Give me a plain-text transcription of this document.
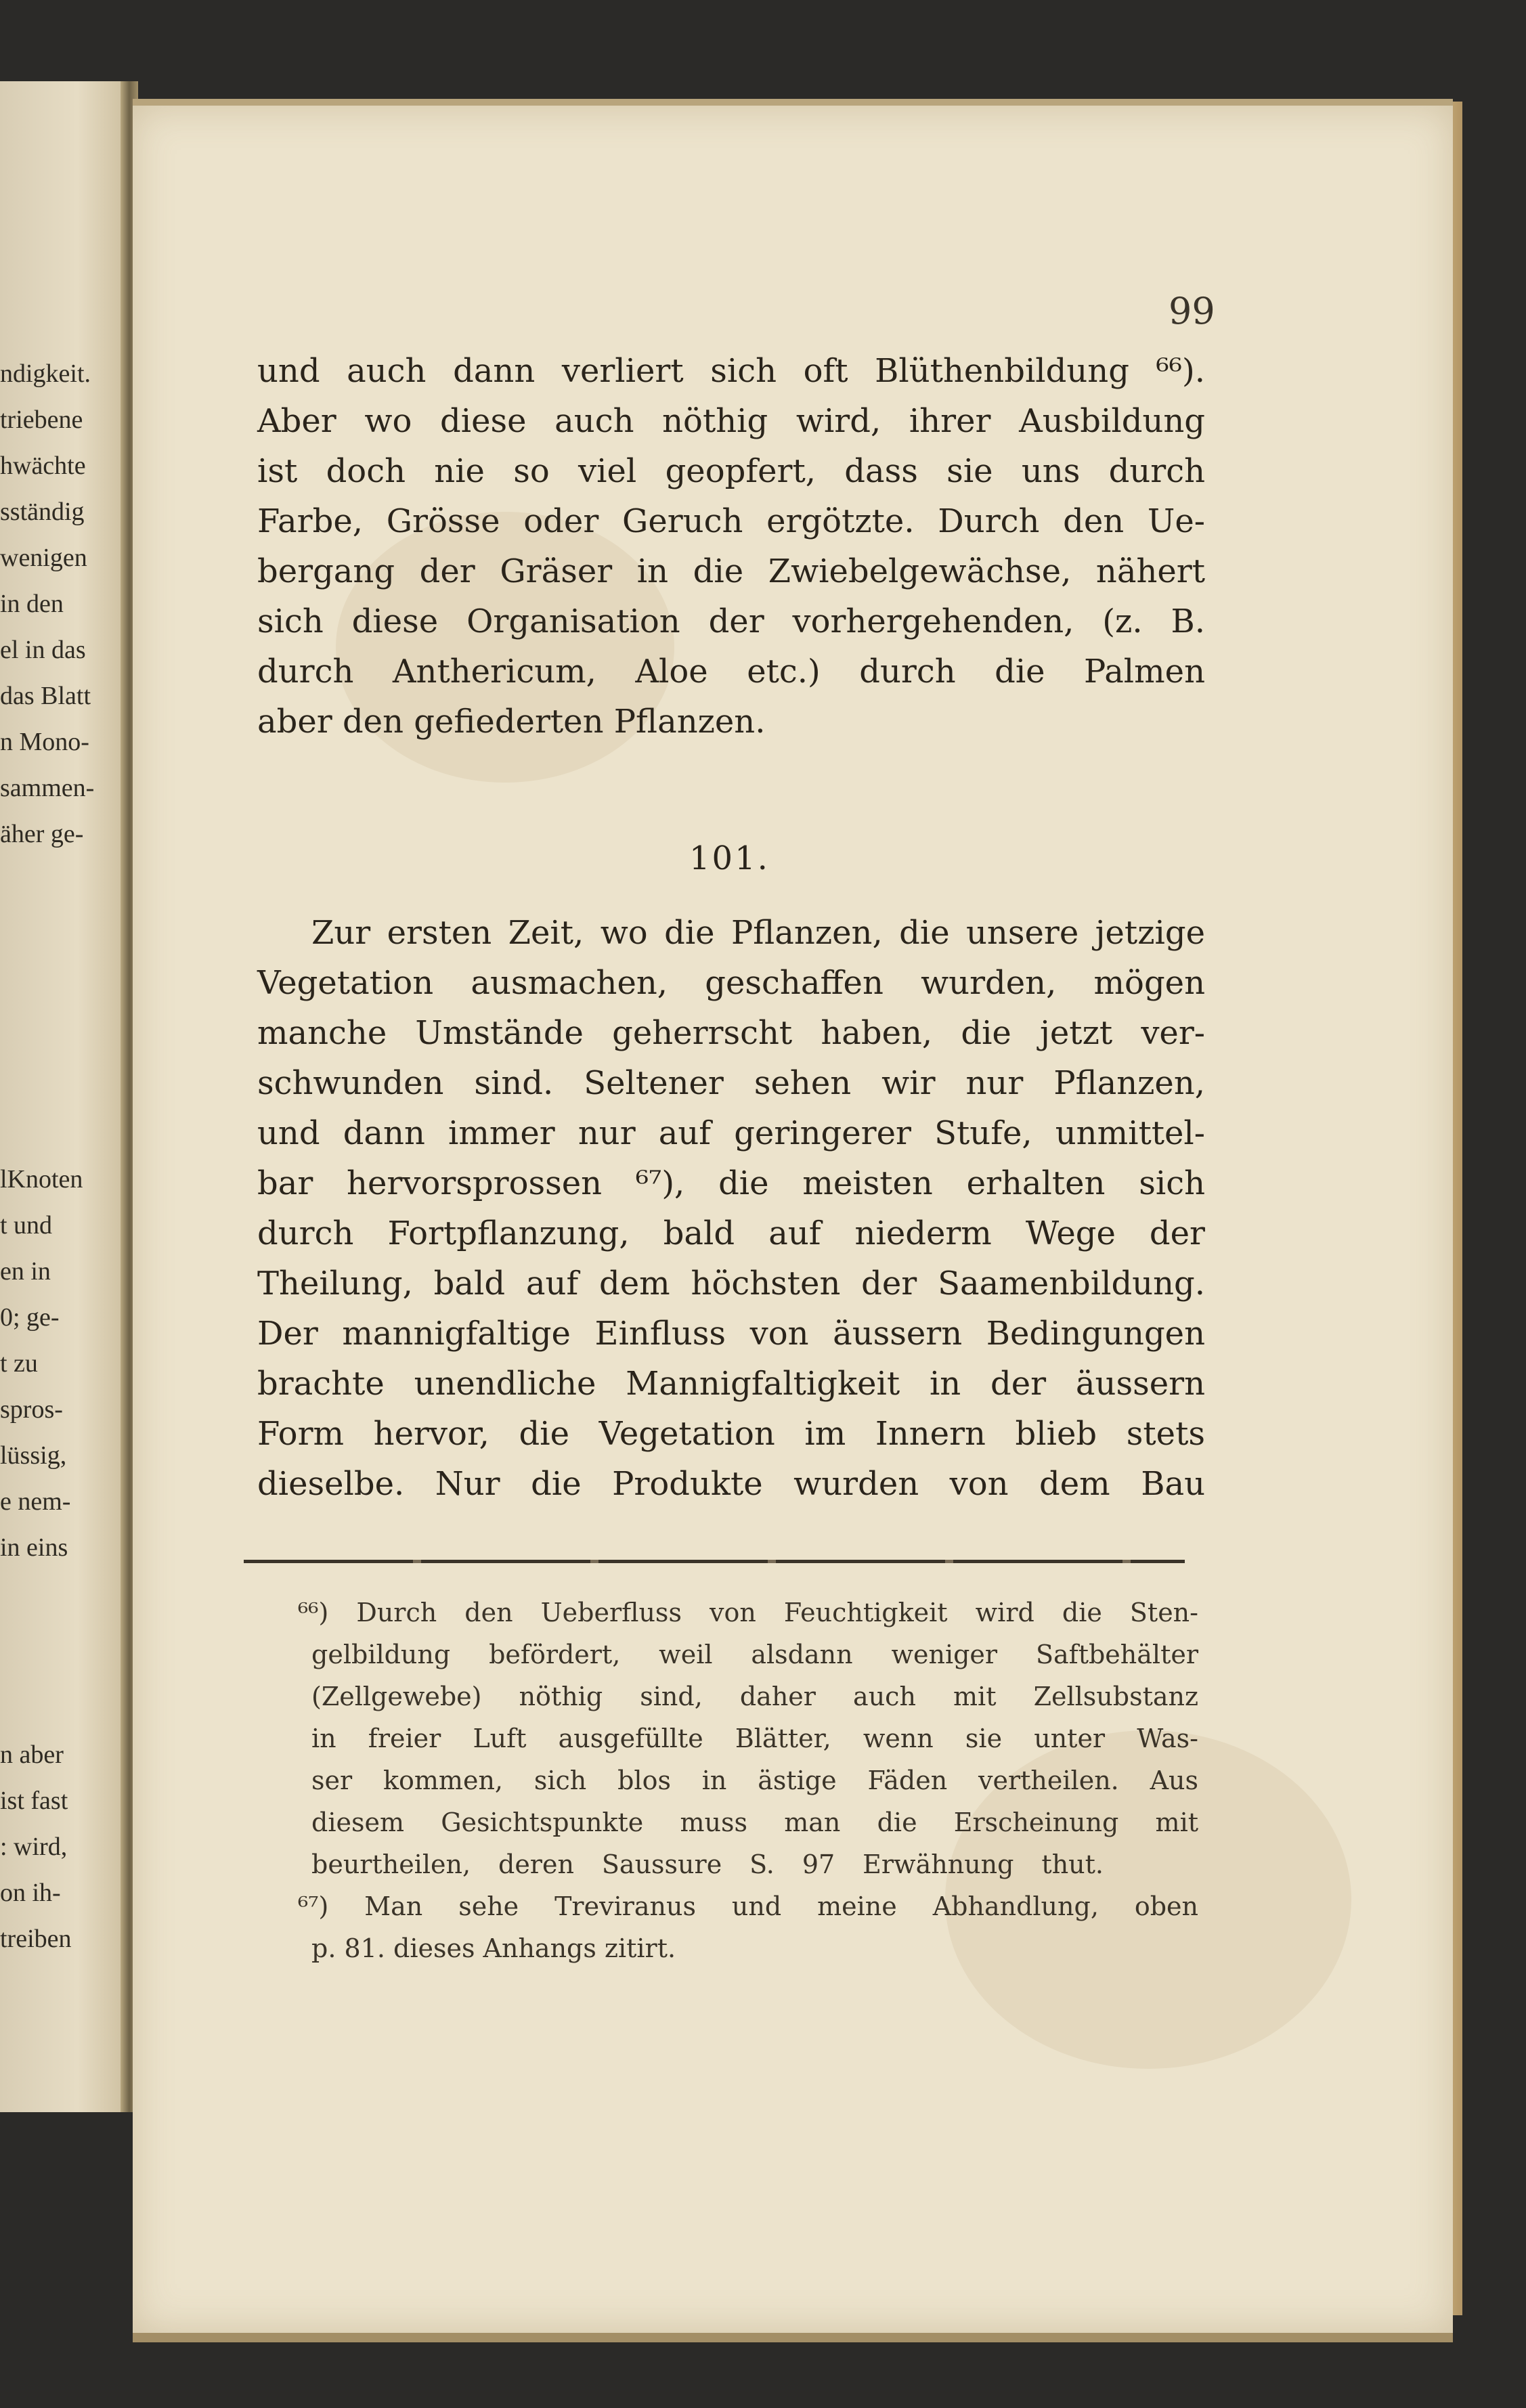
ndigkeit.
triebene
hwächte
sständig
wenigen
in den
el in das
das Blatt
n Mono-
sammen-
äher ge-
lKnoten
t und
en in
0; ge-
t zu
spros-
lüssig,
e nem-
in eins
n aber
ist fast
: wird,
on ih-
treiben
99
und auch dann verliert sich oft Blüthenbildung ⁶⁶).
Aber wo diese auch nöthig wird, ihrer Ausbildung
ist doch nie so viel geopfert, dass sie uns durch
Farbe, Grösse oder Geruch ergötzte. Durch den Ue-
bergang der Gräser in die Zwiebelgewächse, nähert
sich diese Organisation der vorhergehenden, (z. B.
durch Anthericum, Aloe etc.) durch die Palmen
aber den gefiederten Pflanzen.
101.
Zur ersten Zeit, wo die Pflanzen, die unsere jetzige
Vegetation ausmachen, geschaffen wurden, mögen
manche Umstände geherrscht haben, die jetzt ver-
schwunden sind. Seltener sehen wir nur Pflanzen,
und dann immer nur auf geringerer Stufe, unmittel-
bar hervorsprossen ⁶⁷), die meisten erhalten sich
durch Fortpflanzung, bald auf niederm Wege der
Theilung, bald auf dem höchsten der Saamenbildung.
Der mannigfaltige Einfluss von äussern Bedingungen
brachte unendliche Mannigfaltigkeit in der äussern
Form hervor, die Vegetation im Innern blieb stets
dieselbe. Nur die Produkte wurden von dem Bau
⁶⁶) Durch den Ueberfluss von Feuchtigkeit wird die Sten-
gelbildung befördert, weil alsdann weniger Saftbehälter
(Zellgewebe) nöthig sind, daher auch mit Zellsubstanz
in freier Luft ausgefüllte Blätter, wenn sie unter Was-
ser kommen, sich blos in ästige Fäden vertheilen. Aus
diesem Gesichtspunkte muss man die Erscheinung mit
beurtheilen, deren Saussure S. 97 Erwähnung thut.
⁶⁷) Man sehe Treviranus und meine Abhandlung, oben
p. 81. dieses Anhangs zitirt.
